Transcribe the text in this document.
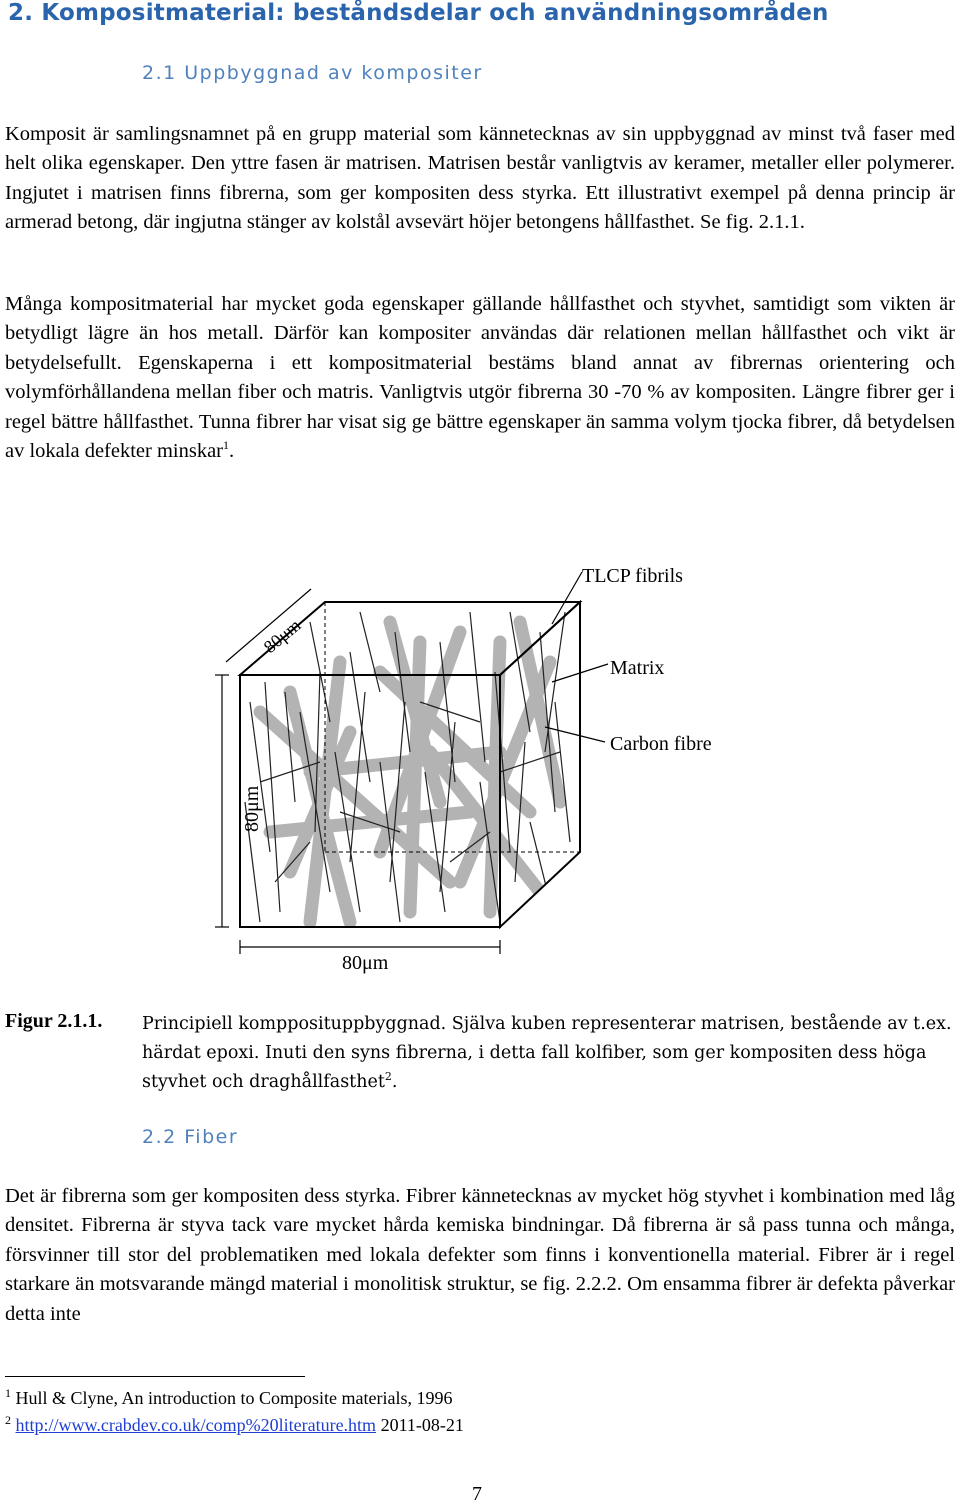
2. Kompositmaterial: beståndsdelar och användningsområden
2.1 Uppbyggnad av kompositer

Komposit är samlingsnamnet på en grupp material som kännetecknas av sin uppbyggnad av minst två faser med helt olika egenskaper. Den yttre fasen är matrisen. Matrisen består vanligtvis av keramer, metaller eller polymerer. Ingjutet i matrisen finns fibrerna, som ger kompositen dess styrka. Ett illustrativt exempel på denna princip är armerad betong, där ingjutna stänger av kolstål avsevärt höjer betongens hållfasthet. Se fig. 2.1.1.

Många kompositmaterial har mycket goda egenskaper gällande hållfasthet och styvhet, samtidigt som vikten är betydligt lägre än hos metall. Därför kan kompositer användas där relationen mellan hållfasthet och vikt är betydelsefullt. Egenskaperna i ett kompositmaterial bestäms bland annat av fibrernas orientering och volymförhållandena mellan fiber och matris. Vanligtvis utgör fibrerna 30 -70 % av kompositen. Längre fibrer ger i regel bättre hållfasthet. Tunna fibrer har visat sig ge bättre egenskaper än samma volym tjocka fibrer, då betydelsen av lokala defekter minskar$^1$.

TLCP fibrils
Matrix
Carbon fibre
80μm
80μm
80μm
Figur 2.1.1. Principiell kompposituppbyggnad. Själva kuben representerar matrisen, bestående av t.ex. härdat epoxi. Inuti den syns fibrerna, i detta fall kolfiber, som ger kompositen dess höga styvhet och draghållfasthet$^2$.
2.2 Fiber

Det är fibrerna som ger kompositen dess styrka. Fibrer kännetecknas av mycket hög styvhet i kombination med låg densitet. Fibrerna är styva tack vare mycket hårda kemiska bindningar. Då fibrerna är så pass tunna och många, försvinner till stor del problematiken med lokala defekter som finns i konventionella material. Fibrer är i regel starkare än motsvarande mängd material i monolitisk struktur, se fig. 2.2.2. Om ensamma fibrer är defekta påverkar detta inte

$^1$ Hull & Clyne, An introduction to Composite materials, 1996
$^2$ http://www.crabdev.co.uk/comp%20literature.htm 2011-08-21
7
